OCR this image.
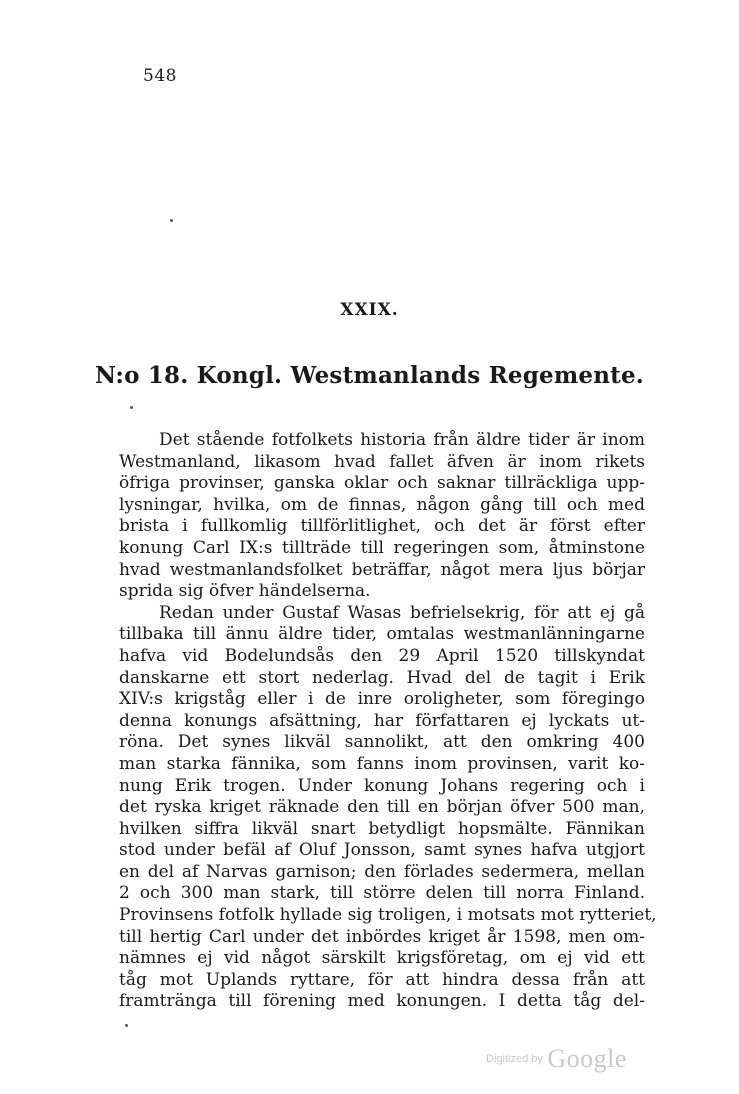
548
XXIX.
N:o 18. Kongl. Westmanlands Regemente.
Det stående fotfolkets historia från äldre tider är inom
Westmanland, likasom hvad fallet äfven är inom rikets
öfriga provinser, ganska oklar och saknar tillräckliga upp-
lysningar, hvilka, om de finnas, någon gång till och med
brista i fullkomlig tillförlitlighet, och det är först efter
konung Carl IX:s tillträde till regeringen som, åtminstone
hvad westmanlandsfolket beträffar, något mera ljus börjar
sprida sig öfver händelserna.
Redan under Gustaf Wasas befrielsekrig, för att ej gå
tillbaka till ännu äldre tider, omtalas westmanlänningarne
hafva vid Bodelundsås den 29 April 1520 tillskyndat
danskarne ett stort nederlag. Hvad del de tagit i Erik
XIV:s krigståg eller i de inre oroligheter, som föregingo
denna konungs afsättning, har författaren ej lyckats ut-
röna. Det synes likväl sannolikt, att den omkring 400
man starka fännika, som fanns inom provinsen, varit ko-
nung Erik trogen. Under konung Johans regering och i
det ryska kriget räknade den till en början öfver 500 man,
hvilken siffra likväl snart betydligt hopsmälte. Fännikan
stod under befäl af Oluf Jonsson, samt synes hafva utgjort
en del af Narvas garnison; den förlades sedermera, mellan
2 och 300 man stark, till större delen till norra Finland.
Provinsens fotfolk hyllade sig troligen, i motsats mot rytteriet,
till hertig Carl under det inbördes kriget år 1598, men om-
nämnes ej vid något särskilt krigsföretag, om ej vid ett
tåg mot Uplands ryttare, för att hindra dessa från att
framtränga till förening med konungen. I detta tåg del-
Digitized by Google
